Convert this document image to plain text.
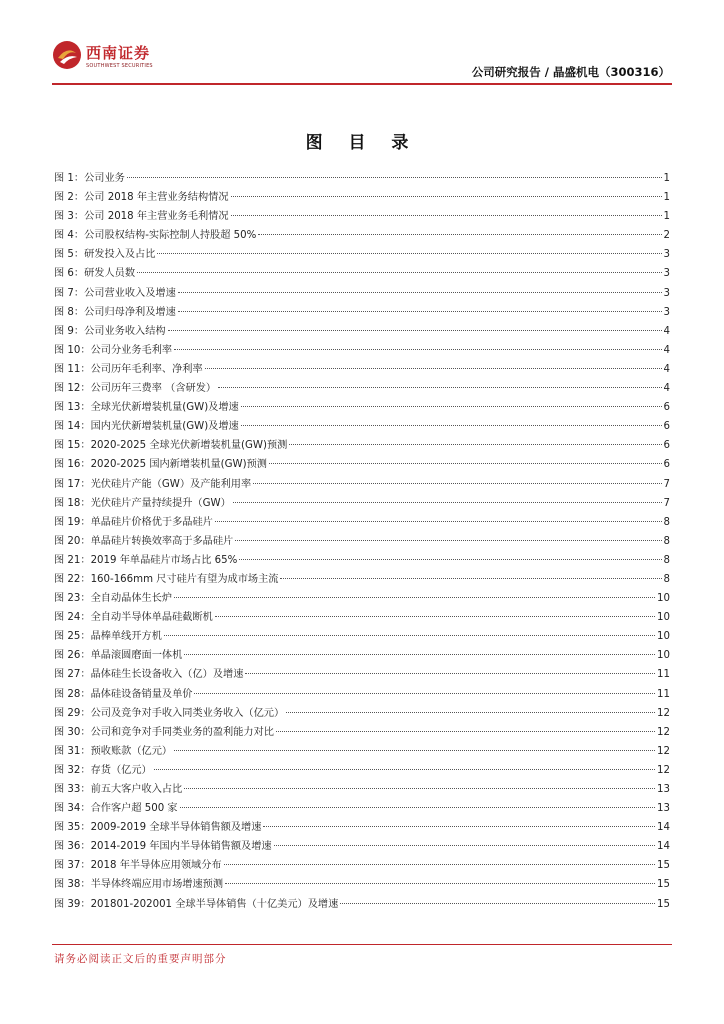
西南证券
SOUTHWEST SECURITIES	公司研究报告 / 晶盛机电（300316）
图 目 录
图 1：公司业务	1
图 2：公司 2018 年主营业务结构情况	1
图 3：公司 2018 年主营业务毛利情况	1
图 4：公司股权结构-实际控制人持股超 50%	2
图 5：研发投入及占比	3
图 6：研发人员数	3
图 7：公司营业收入及增速	3
图 8：公司归母净利及增速	3
图 9：公司业务收入结构	4
图 10：公司分业务毛利率	4
图 11：公司历年毛利率、净利率	4
图 12：公司历年三费率 （含研发）	4
图 13：全球光伏新增装机量(GW)及增速	6
图 14：国内光伏新增装机量(GW)及增速	6
图 15：2020-2025 全球光伏新增装机量(GW)预测	6
图 16：2020-2025 国内新增装机量(GW)预测	6
图 17：光伏硅片产能（GW）及产能利用率	7
图 18：光伏硅片产量持续提升（GW）	7
图 19：单晶硅片价格优于多晶硅片	8
图 20：单晶硅片转换效率高于多晶硅片	8
图 21：2019 年单晶硅片市场占比 65%	8
图 22：160-166mm 尺寸硅片有望为成市场主流	8
图 23：全自动晶体生长炉	10
图 24：全自动半导体单晶硅截断机	10
图 25：晶棒单线开方机	10
图 26：单晶滚圆磨面一体机	10
图 27：晶体硅生长设备收入（亿）及增速	11
图 28：晶体硅设备销量及单价	11
图 29：公司及竞争对手收入同类业务收入（亿元）	12
图 30：公司和竞争对手同类业务的盈利能力对比	12
图 31：预收账款（亿元）	12
图 32：存货（亿元）	12
图 33：前五大客户收入占比	13
图 34：合作客户超 500 家	13
图 35：2009-2019 全球半导体销售额及增速	14
图 36：2014-2019 年国内半导体销售额及增速	14
图 37：2018 年半导体应用领域分布	15
图 38：半导体终端应用市场增速预测	15
图 39：201801-202001 全球半导体销售（十亿美元）及增速	15
请务必阅读正文后的重要声明部分
